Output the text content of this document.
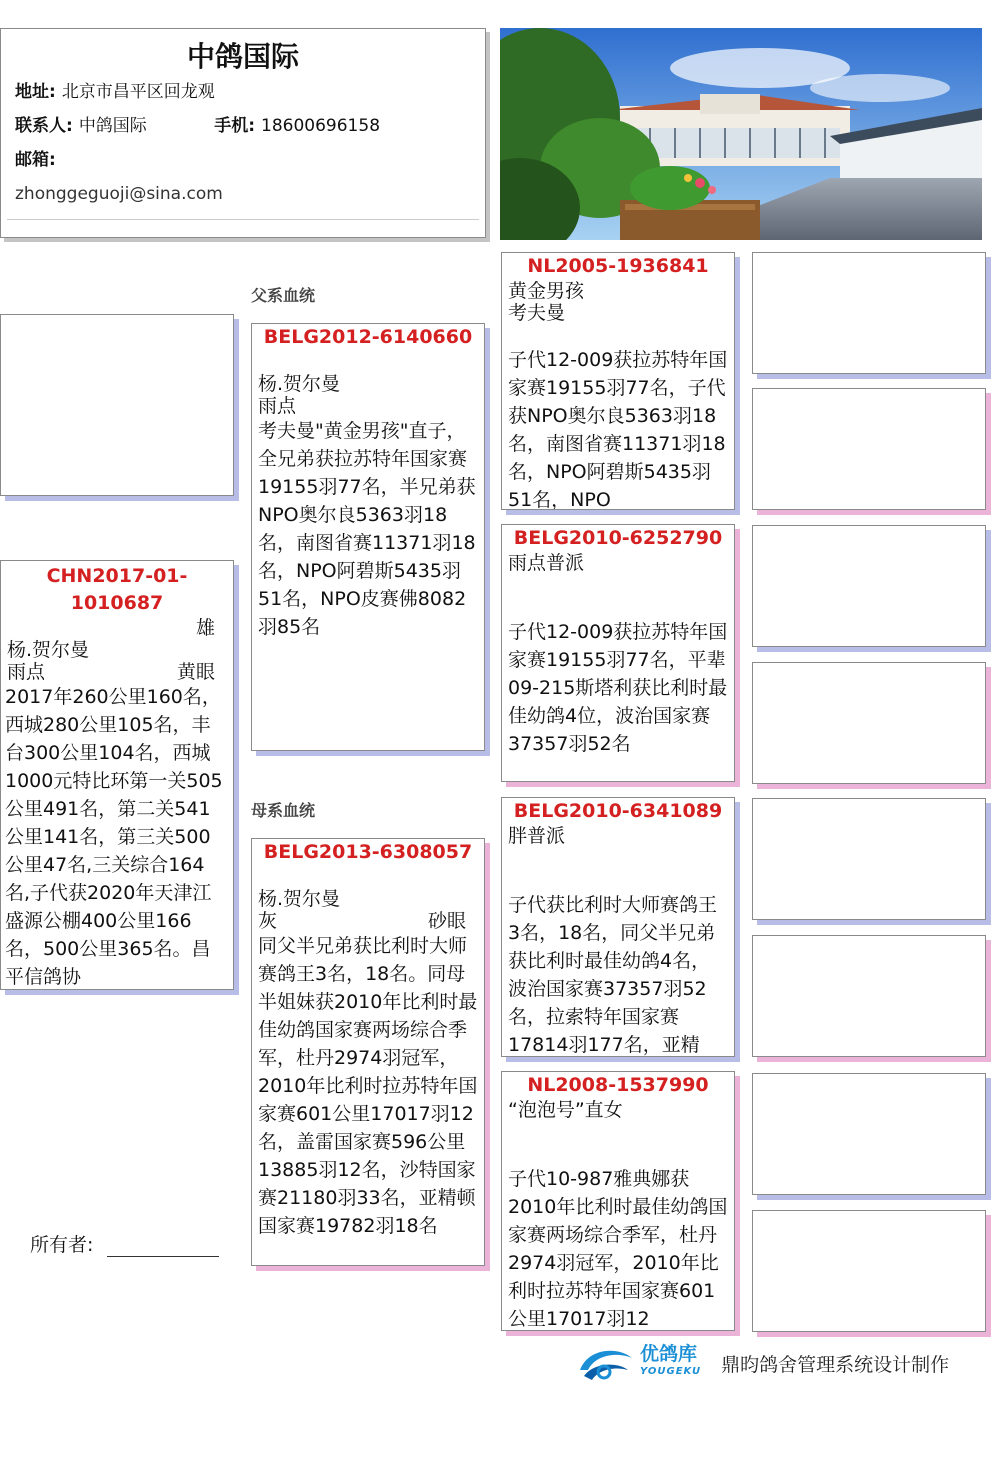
中鸽国际
地址: 北京市昌平区回龙观
联系人: 中鸽国际	手机: 18600696158
邮箱:
zhonggeguoji@sina.com
父系血统
母系血统
CHN2017-01-
1010687
雄
杨.贺尔曼
雨点	黄眼
2017年260公里160名，西城280公里105名，丰台300公里104名，西城1000元特比环第一关505公里491名，第二关541公里141名，第三关500公里47名,三关综合164名,子代获2020年天津江盛源公棚400公里166名，500公里365名。昌平信鸽协
BELG2012-6140660
杨.贺尔曼
雨点
考夫曼"黄金男孩"直子，全兄弟获拉苏特年国家赛19155羽77名，半兄弟获NPO奥尔良5363羽18名，南图省赛11371羽18名，NPO阿碧斯5435羽51名，NPO皮赛佛8082羽85名
BELG2013-6308057
杨.贺尔曼
灰	砂眼
同父半兄弟获比利时大师赛鸽王3名，18名。同母半姐妹获2010年比利时最佳幼鸽国家赛两场综合季军，杜丹2974羽冠军，2010年比利时拉苏特年国家赛601公里17017羽12名，盖雷国家赛596公里13885羽12名，沙特国家赛21180羽33名，亚精顿国家赛19782羽18名
NL2005-1936841
黄金男孩
考夫曼
子代12-009获拉苏特年国家赛19155羽77名，子代获NPO奥尔良5363羽18名，南图省赛11371羽18名，NPO阿碧斯5435羽51名，NPO
BELG2010-6252790
雨点普派
子代12-009获拉苏特年国家赛19155羽77名，平辈09-215斯塔利获比利时最佳幼鸽4位，波治国家赛37357羽52名
BELG2010-6341089
胖普派
子代获比利时大师赛鸽王3名，18名，同父半兄弟获比利时最佳幼鸽4名，波治国家赛37357羽52名，拉索特年国家赛17814羽177名，亚精
NL2008-1537990
“泡泡号”直女
子代10-987雅典娜获2010年比利时最佳幼鸽国家赛两场综合季军，杜丹2974羽冠军，2010年比利时拉苏特年国家赛601公里17017羽12
所有者:
优鸽库
YOUGEKU 鼎昀鸽舍管理系统设计制作
